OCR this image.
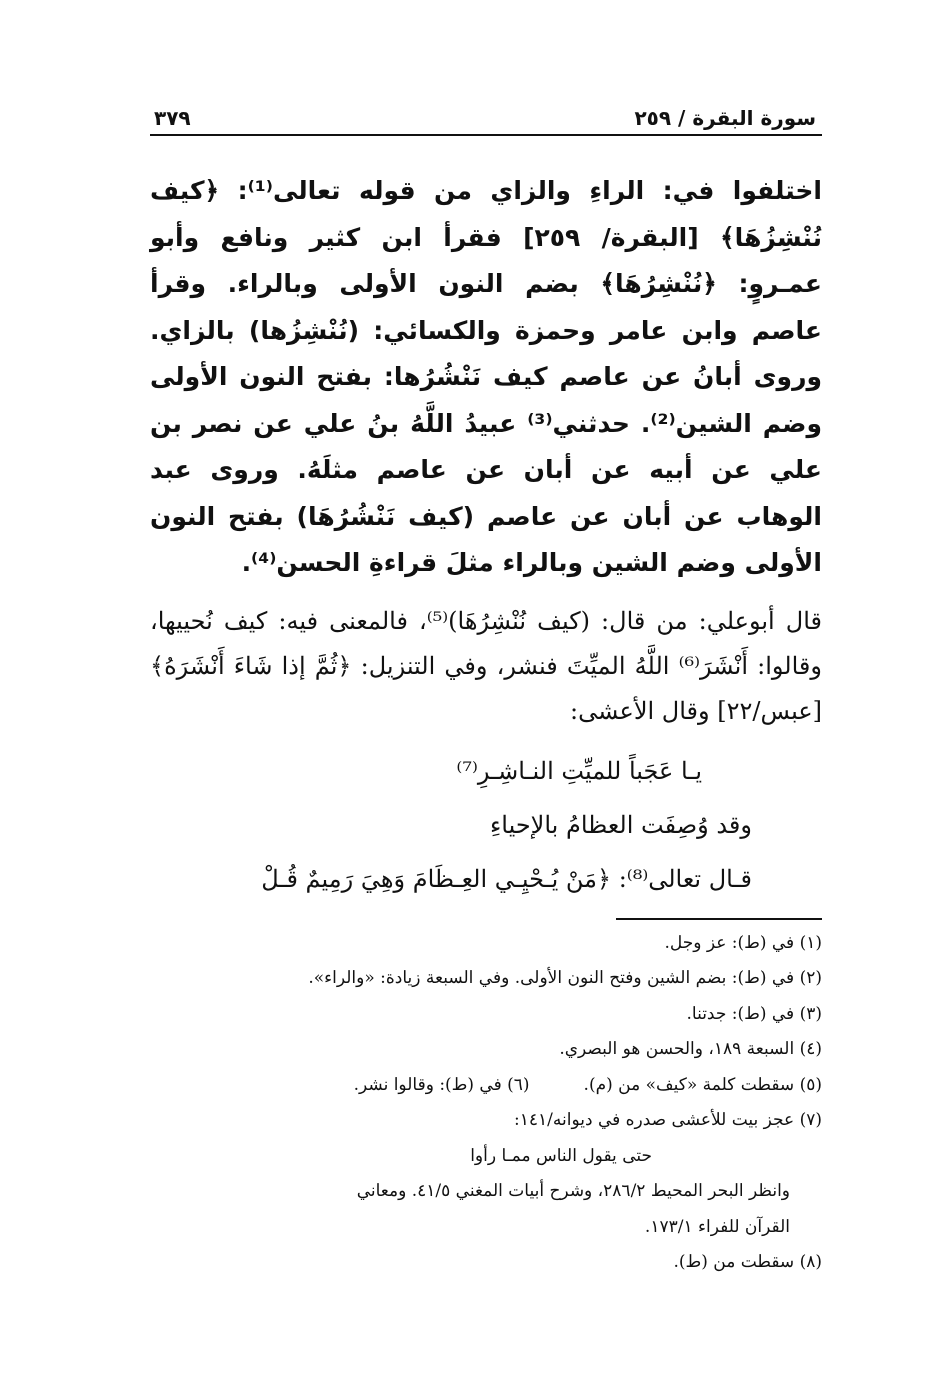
سورة البقرة / ٢٥٩
٣٧٩

اختلفوا في: الراءِ والزاي من قوله تعالى⁽¹⁾: ﴿كيف نُنْشِزُهَا﴾ [البقرة/ ٢٥٩] فقرأ ابن كثير ونافع وأبو عمـروٍ: ﴿نُنْشِرُهَا﴾ بضم النون الأولى وبالراء. وقرأ عاصم وابن عامر وحمزة والكسائي: (نُنْشِزُها) بالزاي. وروى أبانُ عن عاصم كيف نَنْشُرُها: بفتح النون الأولى وضم الشين⁽²⁾. حدثني⁽³⁾ عبيدُ اللَّهُ بنُ علي عن نصر بن علي عن أبيه عن أبان عن عاصم مثلَهُ. وروى عبد الوهاب عن أبان عن عاصم (كيف نَنْشُرُهَا) بفتح النون الأولى وضم الشين وبالراء مثلَ قراءةِ الحسن⁽⁴⁾.

قال أبوعلي: من قال: (كيف نُنْشِرُهَا)⁽⁵⁾، فالمعنى فيه: كيف نُحييها، وقالوا: أَنْشَرَ⁽⁶⁾ اللَّهُ الميِّتَ فنشر، وفي التنزيل: ﴿ثُمَّ إذا شَاءَ أَنْشَرَهُ﴾ [عبس/٢٢] وقال الأعشى:

يـا عَجَباً للميِّتِ النـاشِـرِ⁽⁷⁾

وقد وُصِفَت العظامُ بالإحياءِ

قـال تعالى⁽⁸⁾: ﴿مَنْ يُـحْيِـي العِـظَامَ وَهِيَ رَمِيمٌ قُـلْ

(١) في (ط): عز وجل.

(٢) في (ط): بضم الشين وفتح النون الأولى. وفي السبعة زيادة: «والراء».

(٣) في (ط): جدتنا.

(٤) السبعة ١٨٩، والحسن هو البصري.

(٥) سقطت كلمة «كيف» من (م).

(٦) في (ط): وقالوا نشر.

(٧) عجز بيت للأعشى صدره في ديوانه/١٤١:

حتى يقول الناس ممـا رأوا

وانظر البحر المحيط ٢٨٦/٢، وشرح أبيات المغني ٤١/٥. ومعاني

القرآن للفراء ١٧٣/١.

(٨) سقطت من (ط).
